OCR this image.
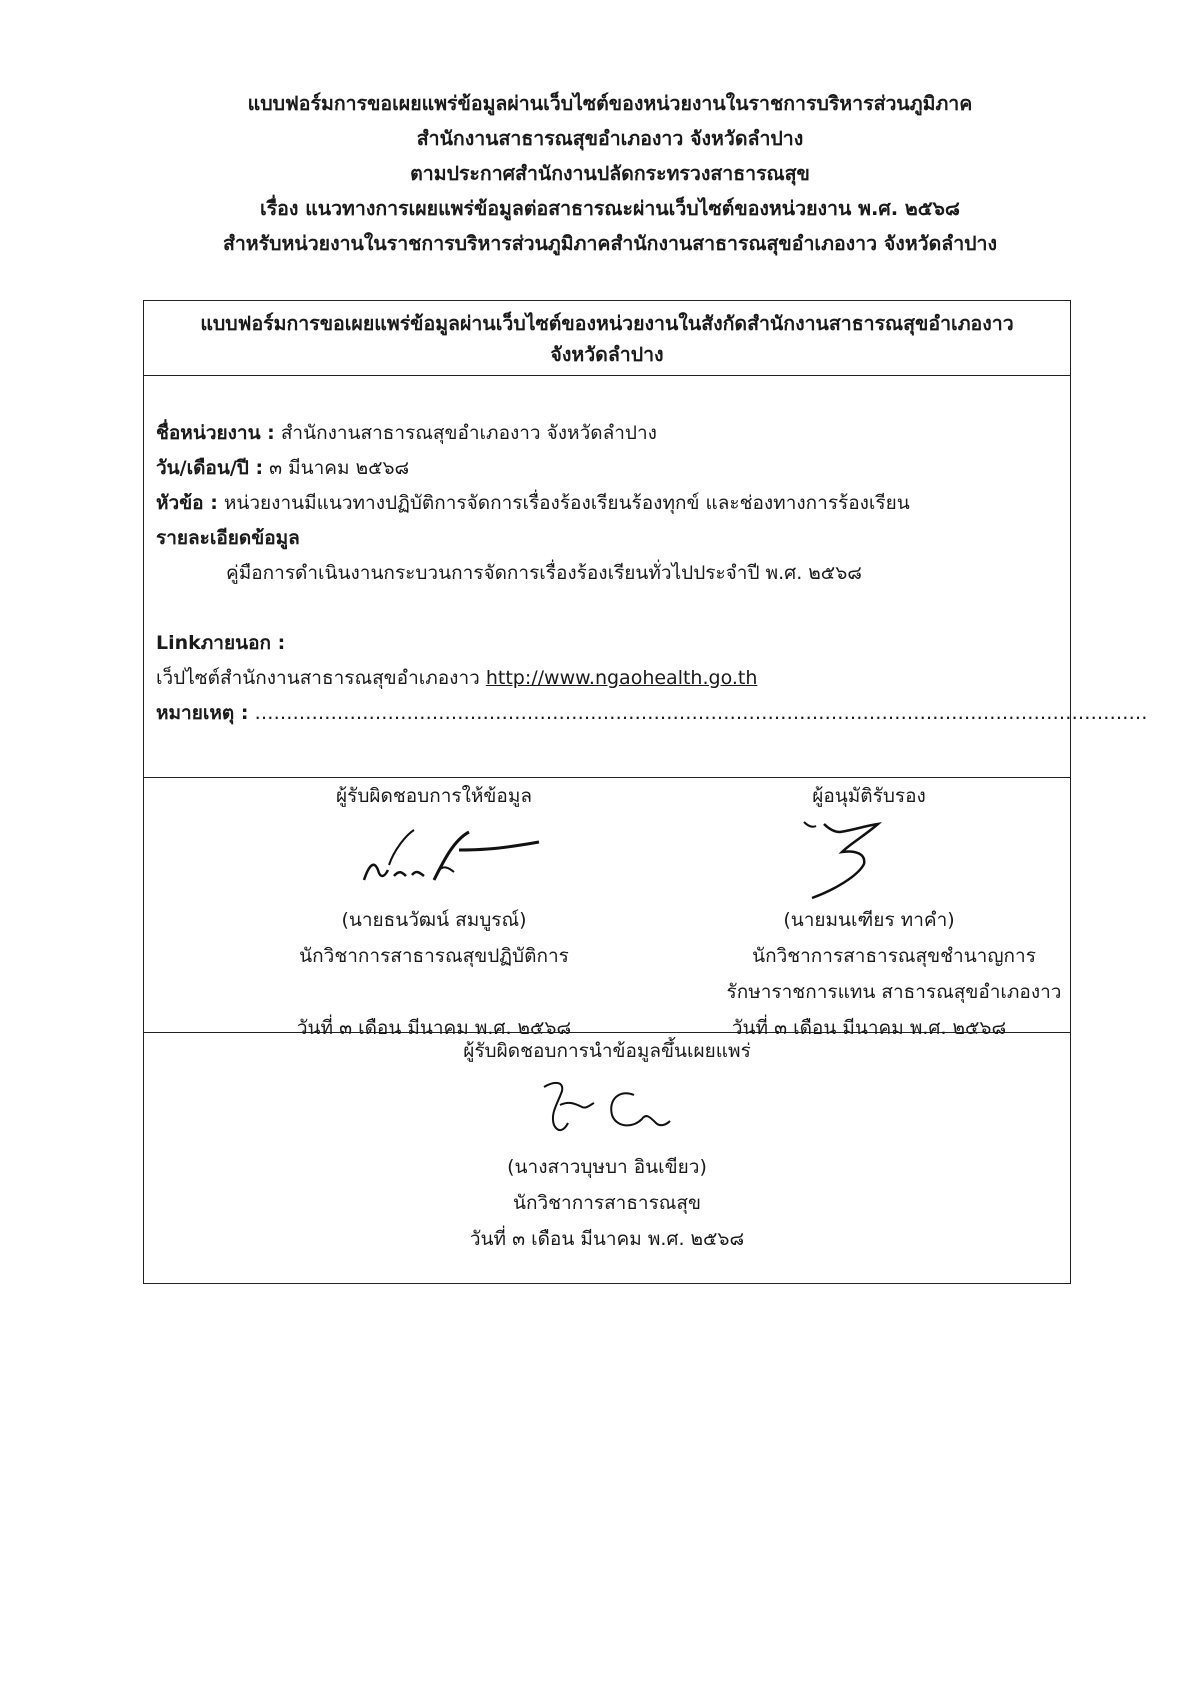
แบบฟอร์มการขอเผยแพร่ข้อมูลผ่านเว็บไซต์ของหน่วยงานในราชการบริหารส่วนภูมิภาค
สำนักงานสาธารณสุขอำเภองาว จังหวัดลำปาง
ตามประกาศสำนักงานปลัดกระทรวงสาธารณสุข
เรื่อง แนวทางการเผยแพร่ข้อมูลต่อสาธารณะผ่านเว็บไซต์ของหน่วยงาน พ.ศ. ๒๕๖๘
สำหรับหน่วยงานในราชการบริหารส่วนภูมิภาคสำนักงานสาธารณสุขอำเภองาว จังหวัดลำปาง
แบบฟอร์มการขอเผยแพร่ข้อมูลผ่านเว็บไซต์ของหน่วยงานในสังกัดสำนักงานสาธารณสุขอำเภองาว
จังหวัดลำปาง
ชื่อหน่วยงาน : สำนักงานสาธารณสุขอำเภองาว จังหวัดลำปาง
วัน/เดือน/ปี : ๓ มีนาคม ๒๕๖๘
หัวข้อ : หน่วยงานมีแนวทางปฏิบัติการจัดการเรื่องร้องเรียนร้องทุกข์ และช่องทางการร้องเรียน
รายละเอียดข้อมูล
คู่มือการดำเนินงานกระบวนการจัดการเรื่องร้องเรียนทั่วไปประจำปี พ.ศ. ๒๕๖๘
Linkภายนอก :
เว็ปไซต์สำนักงานสาธารณสุขอำเภองาว http://www.ngaohealth.go.th
หมายเหตุ : ……………………………………………………………………………………………………………………………
ผู้รับผิดชอบการให้ข้อมูล
(นายธนวัฒน์ สมบูรณ์)
นักวิชาการสาธารณสุขปฏิบัติการ
วันที่ ๓ เดือน มีนาคม พ.ศ. ๒๕๖๘
ผู้อนุมัติรับรอง
(นายมนเฑียร ทาคำ)
นักวิชาการสาธารณสุขชำนาญการ
รักษาราชการแทน สาธารณสุขอำเภองาว
วันที่ ๓ เดือน มีนาคม พ.ศ. ๒๕๖๘
ผู้รับผิดชอบการนำข้อมูลขึ้นเผยแพร่
(นางสาวบุษบา อินเขียว)
นักวิชาการสาธารณสุข
วันที่ ๓ เดือน มีนาคม พ.ศ. ๒๕๖๘
